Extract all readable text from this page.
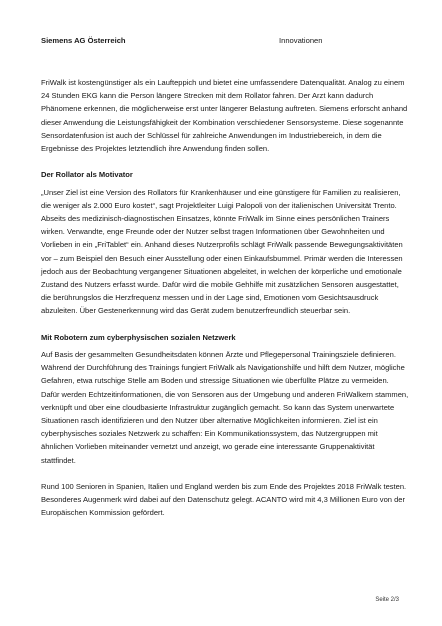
Siemens AG Österreich	Innovationen

FriWalk ist kostengünstiger als ein Laufteppich und bietet eine umfassendere Datenqualität. Analog zu einem 24 Stunden EKG kann die Person längere Strecken mit dem Rollator fahren. Der Arzt kann dadurch Phänomene erkennen, die möglicherweise erst unter längerer Belastung auftreten. Siemens erforscht anhand dieser Anwendung die Leistungsfähigkeit der Kombination verschiedener Sensorsysteme. Diese sogenannte Sensordatenfusion ist auch der Schlüssel für zahlreiche Anwendungen im Industriebereich, in dem die Ergebnisse des Projektes letztendlich ihre Anwendung finden sollen.

Der Rollator als Motivator

„Unser Ziel ist eine Version des Rollators für Krankenhäuser und eine günstigere für Familien zu realisieren, die weniger als 2.000 Euro kostet“, sagt Projektleiter Luigi Palopoli von der italienischen Universität Trento. Abseits des medizinisch-diagnostischen Einsatzes, könnte FriWalk im Sinne eines persönlichen Trainers wirken. Verwandte, enge Freunde oder der Nutzer selbst tragen Informationen über Gewohnheiten und Vorlieben in ein „FriTablet“ ein. Anhand dieses Nutzerprofils schlägt FriWalk passende Bewegungsaktivitäten vor – zum Beispiel den Besuch einer Ausstellung oder einen Einkaufsbummel. Primär werden die Interessen jedoch aus der Beobachtung vergangener Situationen abgeleitet, in welchen der körperliche und emotionale Zustand des Nutzers erfasst wurde. Dafür wird die mobile Gehhilfe mit zusätzlichen Sensoren ausgestattet, die berührungslos die Herzfrequenz messen und in der Lage sind, Emotionen vom Gesichtsausdruck abzuleiten. Über Gestenerkennung wird das Gerät zudem benutzerfreundlich steuerbar sein.

Mit Robotern zum cyberphysischen sozialen Netzwerk

Auf Basis der gesammelten Gesundheitsdaten können Ärzte und Pflegepersonal Trainingsziele definieren. Während der Durchführung des Trainings fungiert FriWalk als Navigationshilfe und hilft dem Nutzer, mögliche Gefahren, etwa rutschige Stelle am Boden und stressige Situationen wie überfüllte Plätze zu vermeiden. Dafür werden Echtzeitinformationen, die von Sensoren aus der Umgebung und anderen FriWalkern stammen, verknüpft und über eine cloudbasierte Infrastruktur zugänglich gemacht. So kann das System unerwartete Situationen rasch identifizieren und den Nutzer über alternative Möglichkeiten informieren. Ziel ist ein cyberphysisches soziales Netzwerk zu schaffen: Ein Kommunikationssystem, das Nutzergruppen mit ähnlichen Vorlieben miteinander vernetzt und anzeigt, wo gerade eine interessante Gruppenaktivität stattfindet.

Rund 100 Senioren in Spanien, Italien und England werden bis zum Ende des Projektes 2018 FriWalk testen. Besonderes Augenmerk wird dabei auf den Datenschutz gelegt. ACANTO wird mit 4,3 Millionen Euro von der Europäischen Kommission gefördert.

Seite 2/3
